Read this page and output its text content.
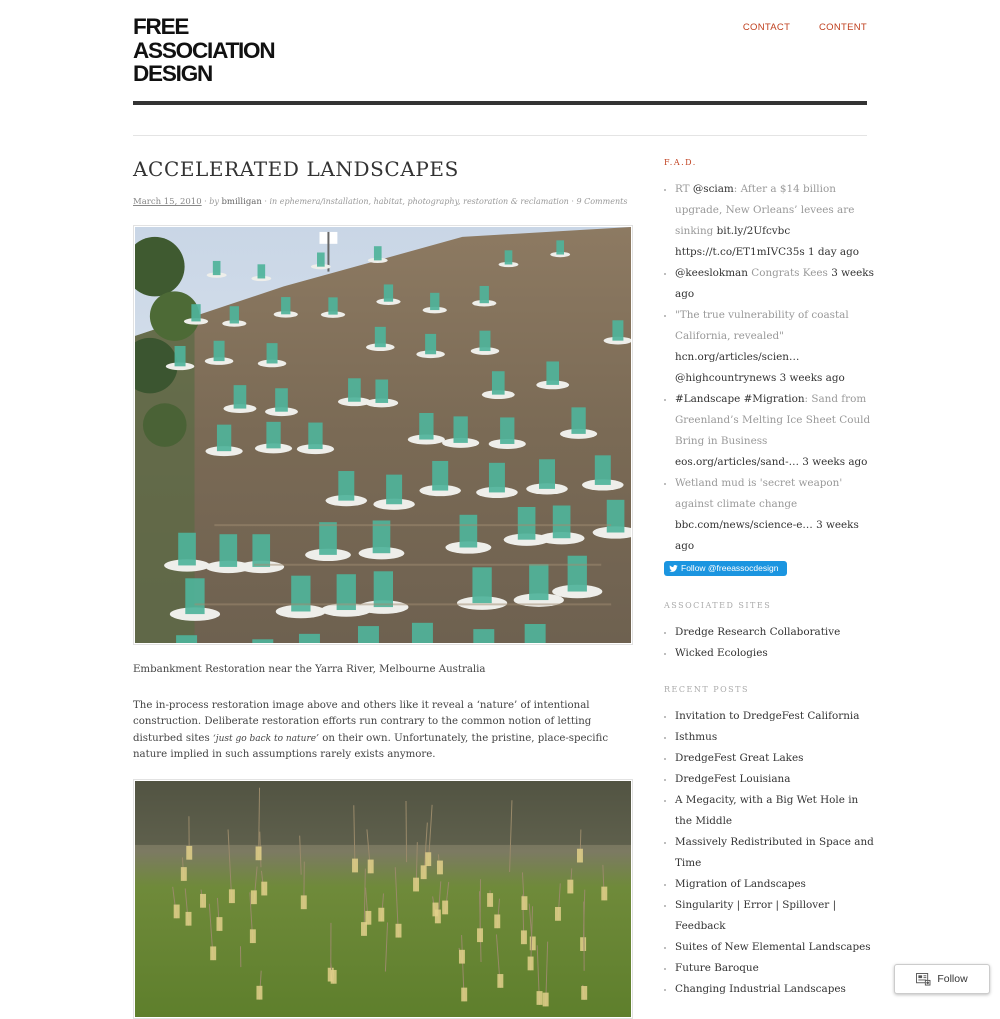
FREE
ASSOCIATION
DESIGN
CONTACT	CONTENT
ACCELERATED LANDSCAPES
March 15, 2010 · by bmilligan · in ephemera/installation, habitat, photography, restoration & reclamation · 9 Comments
Embankment Restoration near the Yarra River, Melbourne Australia

The in-process restoration image above and others like it reveal a ‘nature’ of intentional construction. Deliberate restoration efforts run contrary to the common notion of letting disturbed sites ‘just go back to nature’ on their own. Unfortunately, the pristine, place-specific nature implied in such assumptions rarely exists anymore.

F.A.D.
• RT @sciam: After a $14 billion upgrade, New Orleans’ levees are sinking bit.ly/2Ufcvbc https://t.co/ET1mIVC35s 1 day ago
• @keeslokman Congrats Kees 3 weeks ago
• "The true vulnerability of coastal California, revealed" hcn.org/articles/scien… @highcountrynews 3 weeks ago
• #Landscape #Migration: Sand from Greenland’s Melting Ice Sheet Could Bring in Business eos.org/articles/sand-… 3 weeks ago
• Wetland mud is 'secret weapon' against climate change bbc.com/news/science-e… 3 weeks ago
Follow @freeassocdesign
ASSOCIATED SITES
• Dredge Research Collaborative
• Wicked Ecologies
RECENT POSTS
• Invitation to DredgeFest California
• Isthmus
• DredgeFest Great Lakes
• DredgeFest Louisiana
• A Megacity, with a Big Wet Hole in the Middle
• Massively Redistributed in Space and Time
• Migration of Landscapes
• Singularity | Error | Spillover | Feedback
• Suites of New Elemental Landscapes
• Future Baroque
• Changing Industrial Landscapes
Follow
